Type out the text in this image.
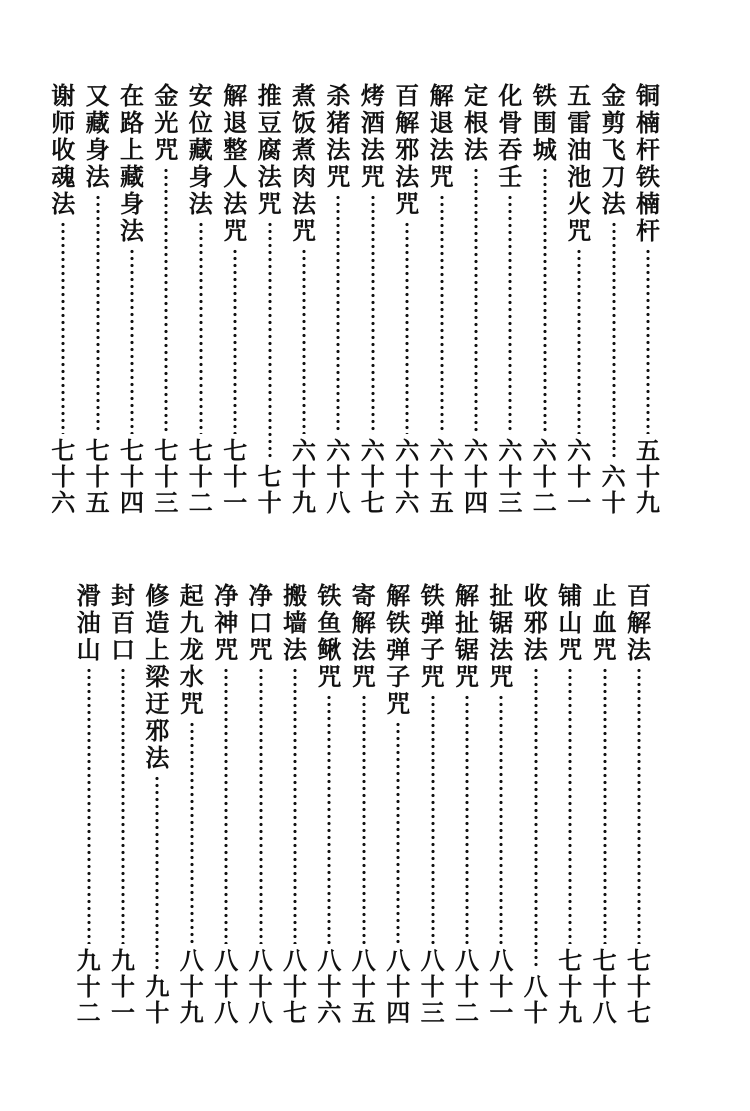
铜楠杆铁楠杆
五十九
金剪飞刀法
六十
五雷油池火咒
六十一
铁围城
六十二
化骨吞壬
六十三
定根法
六十四
解退法咒
六十五
百解邪法咒
六十六
烤酒法咒
六十七
杀猪法咒
六十八
煮饭煮肉法咒
六十九
推豆腐法咒
七十
解退整人法咒
七十一
安位藏身法
七十二
金光咒
七十三
在路上藏身法
七十四
又藏身法
七十五
谢师收魂法
七十六
百解法
七十七
止血咒
七十八
铺山咒
七十九
收邪法
八十
扯锯法咒
八十一
解扯锯咒
八十二
铁弹子咒
八十三
解铁弹子咒
八十四
寄解法咒
八十五
铁鱼鳅咒
八十六
搬墙法
八十七
净口咒
八十八
净神咒
八十八
起九龙水咒
八十九
修造上梁迂邪法
九十
封百口
九十一
滑油山
九十二
